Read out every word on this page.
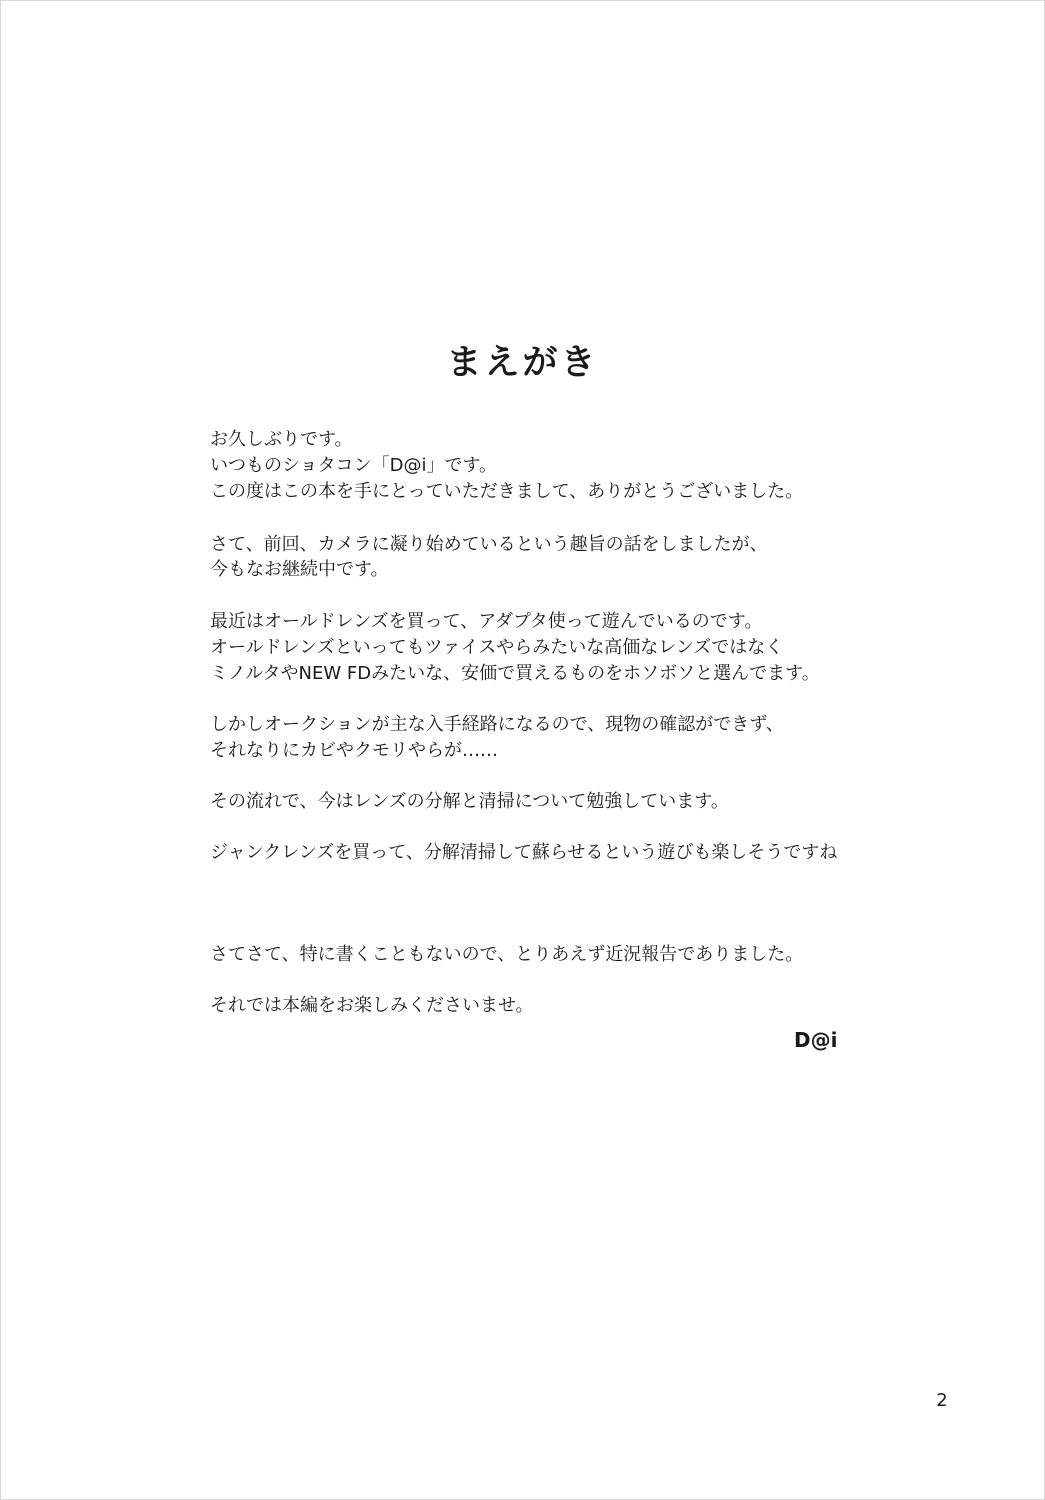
まえがき
お久しぶりです。
いつものショタコン「D@i」です。
この度はこの本を手にとっていただきまして、ありがとうございました。
さて、前回、カメラに凝り始めているという趣旨の話をしましたが、
今もなお継続中です。
最近はオールドレンズを買って、アダプタ使って遊んでいるのです。
オールドレンズといってもツァイスやらみたいな高価なレンズではなく
ミノルタやNEW FDみたいな、安価で買えるものをホソボソと選んでます。
しかしオークションが主な入手経路になるので、現物の確認ができず、
それなりにカビやクモリやらが……
その流れで、今はレンズの分解と清掃について勉強しています。
ジャンクレンズを買って、分解清掃して蘇らせるという遊びも楽しそうですね
さてさて、特に書くこともないので、とりあえず近況報告でありました。
それでは本編をお楽しみくださいませ。
D@i
2
